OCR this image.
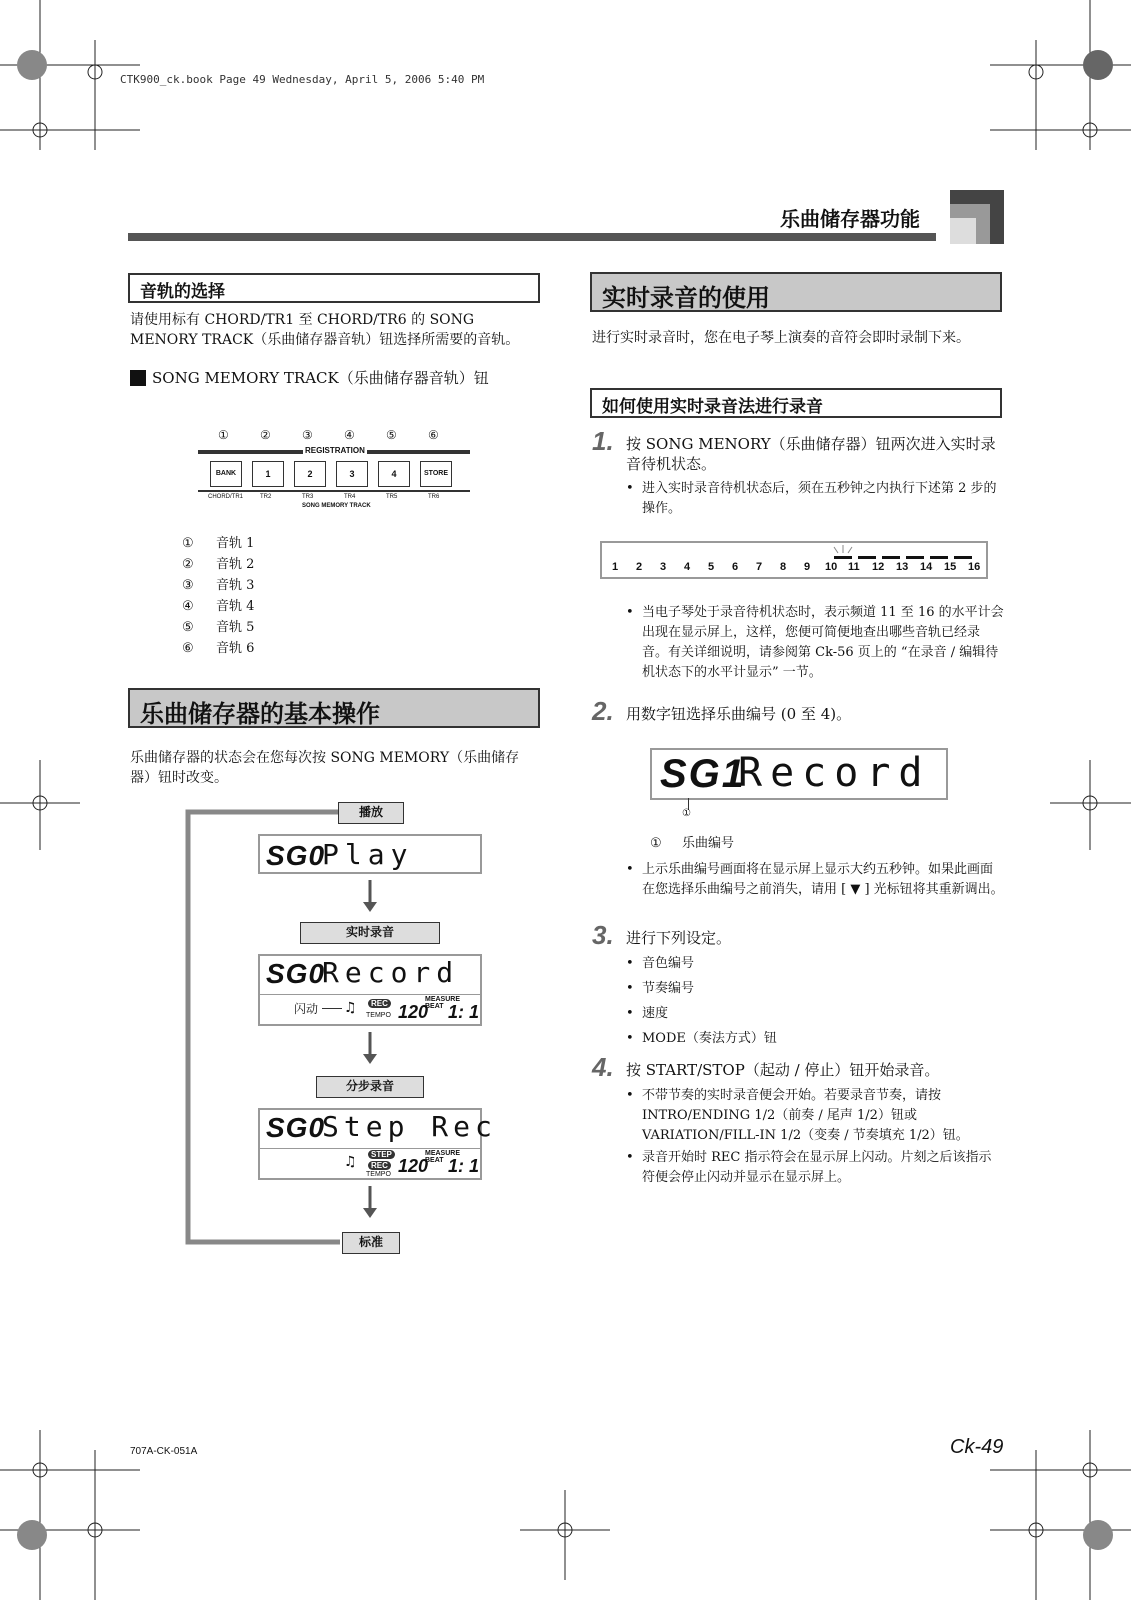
CTK900_ck.book Page 49 Wednesday, April 5, 2006 5:40 PM
乐曲储存器功能
音轨的选择
请使用标有 CHORD/TR1 至 CHORD/TR6 的 SONG MENORY TRACK（乐曲储存器音轨）钮选择所需要的音轨。
SONG MEMORY TRACK（乐曲储存器音轨）钮
①	②	③	④	⑤	⑥
REGISTRATION
BANK	1	2	3	4	STORE
CHORD/TR1	TR2	TR3	TR4	TR5	TR6
SONG MEMORY TRACK
① 音轨 1
② 音轨 2
③ 音轨 3
④ 音轨 4
⑤ 音轨 5
⑥ 音轨 6
乐曲储存器的基本操作
乐曲储存器的状态会在您每次按 SONG MEMORY（乐曲储存器）钮时改变。
播放
SG0
Play
实时录音
SG0
Record
闪动 ♫	REC
TEMPO 120
MEASURE BEAT 1: 1
分步录音
SG0
Step Rec
♫	STEP
REC
TEMPO 120
MEASURE BEAT 1: 1
标准
实时录音的使用
进行实时录音时，您在电子琴上演奏的音符会即时录制下来。
如何使用实时录音法进行录音
1. 按 SONG MENORY（乐曲储存器）钮两次进入实时录音待机状态。
进入实时录音待机状态后，须在五秒钟之内执行下述第 2 步的操作。
1 2 3 4 5 6 7 8 9 10 11 12 13 14 15 16
当电子琴处于录音待机状态时，表示频道 11 至 16 的水平计会出现在显示屏上，这样，您便可简便地查出哪些音轨已经录音。有关详细说明，请参阅第 Ck-56 页上的 “在录音 / 编辑待机状态下的水平计显示” 一节。
2. 用数字钮选择乐曲编号 (0 至 4)。
SG1
Record
①
① 乐曲编号
上示乐曲编号画面将在显示屏上显示大约五秒钟。如果此画面在您选择乐曲编号之前消失，请用 [ ▼ ] 光标钮将其重新调出。
3. 进行下列设定。
音色编号
节奏编号
速度
MODE（奏法方式）钮
4. 按 START/STOP（起动 / 停止）钮开始录音。
不带节奏的实时录音便会开始。若要录音节奏，请按 INTRO/ENDING 1/2（前奏 / 尾声 1/2）钮或 VARIATION/FILL-IN 1/2（变奏 / 节奏填充 1/2）钮。
录音开始时 REC 指示符会在显示屏上闪动。片刻之后该指示符便会停止闪动并显示在显示屏上。
707A-CK-051A	Ck-49
